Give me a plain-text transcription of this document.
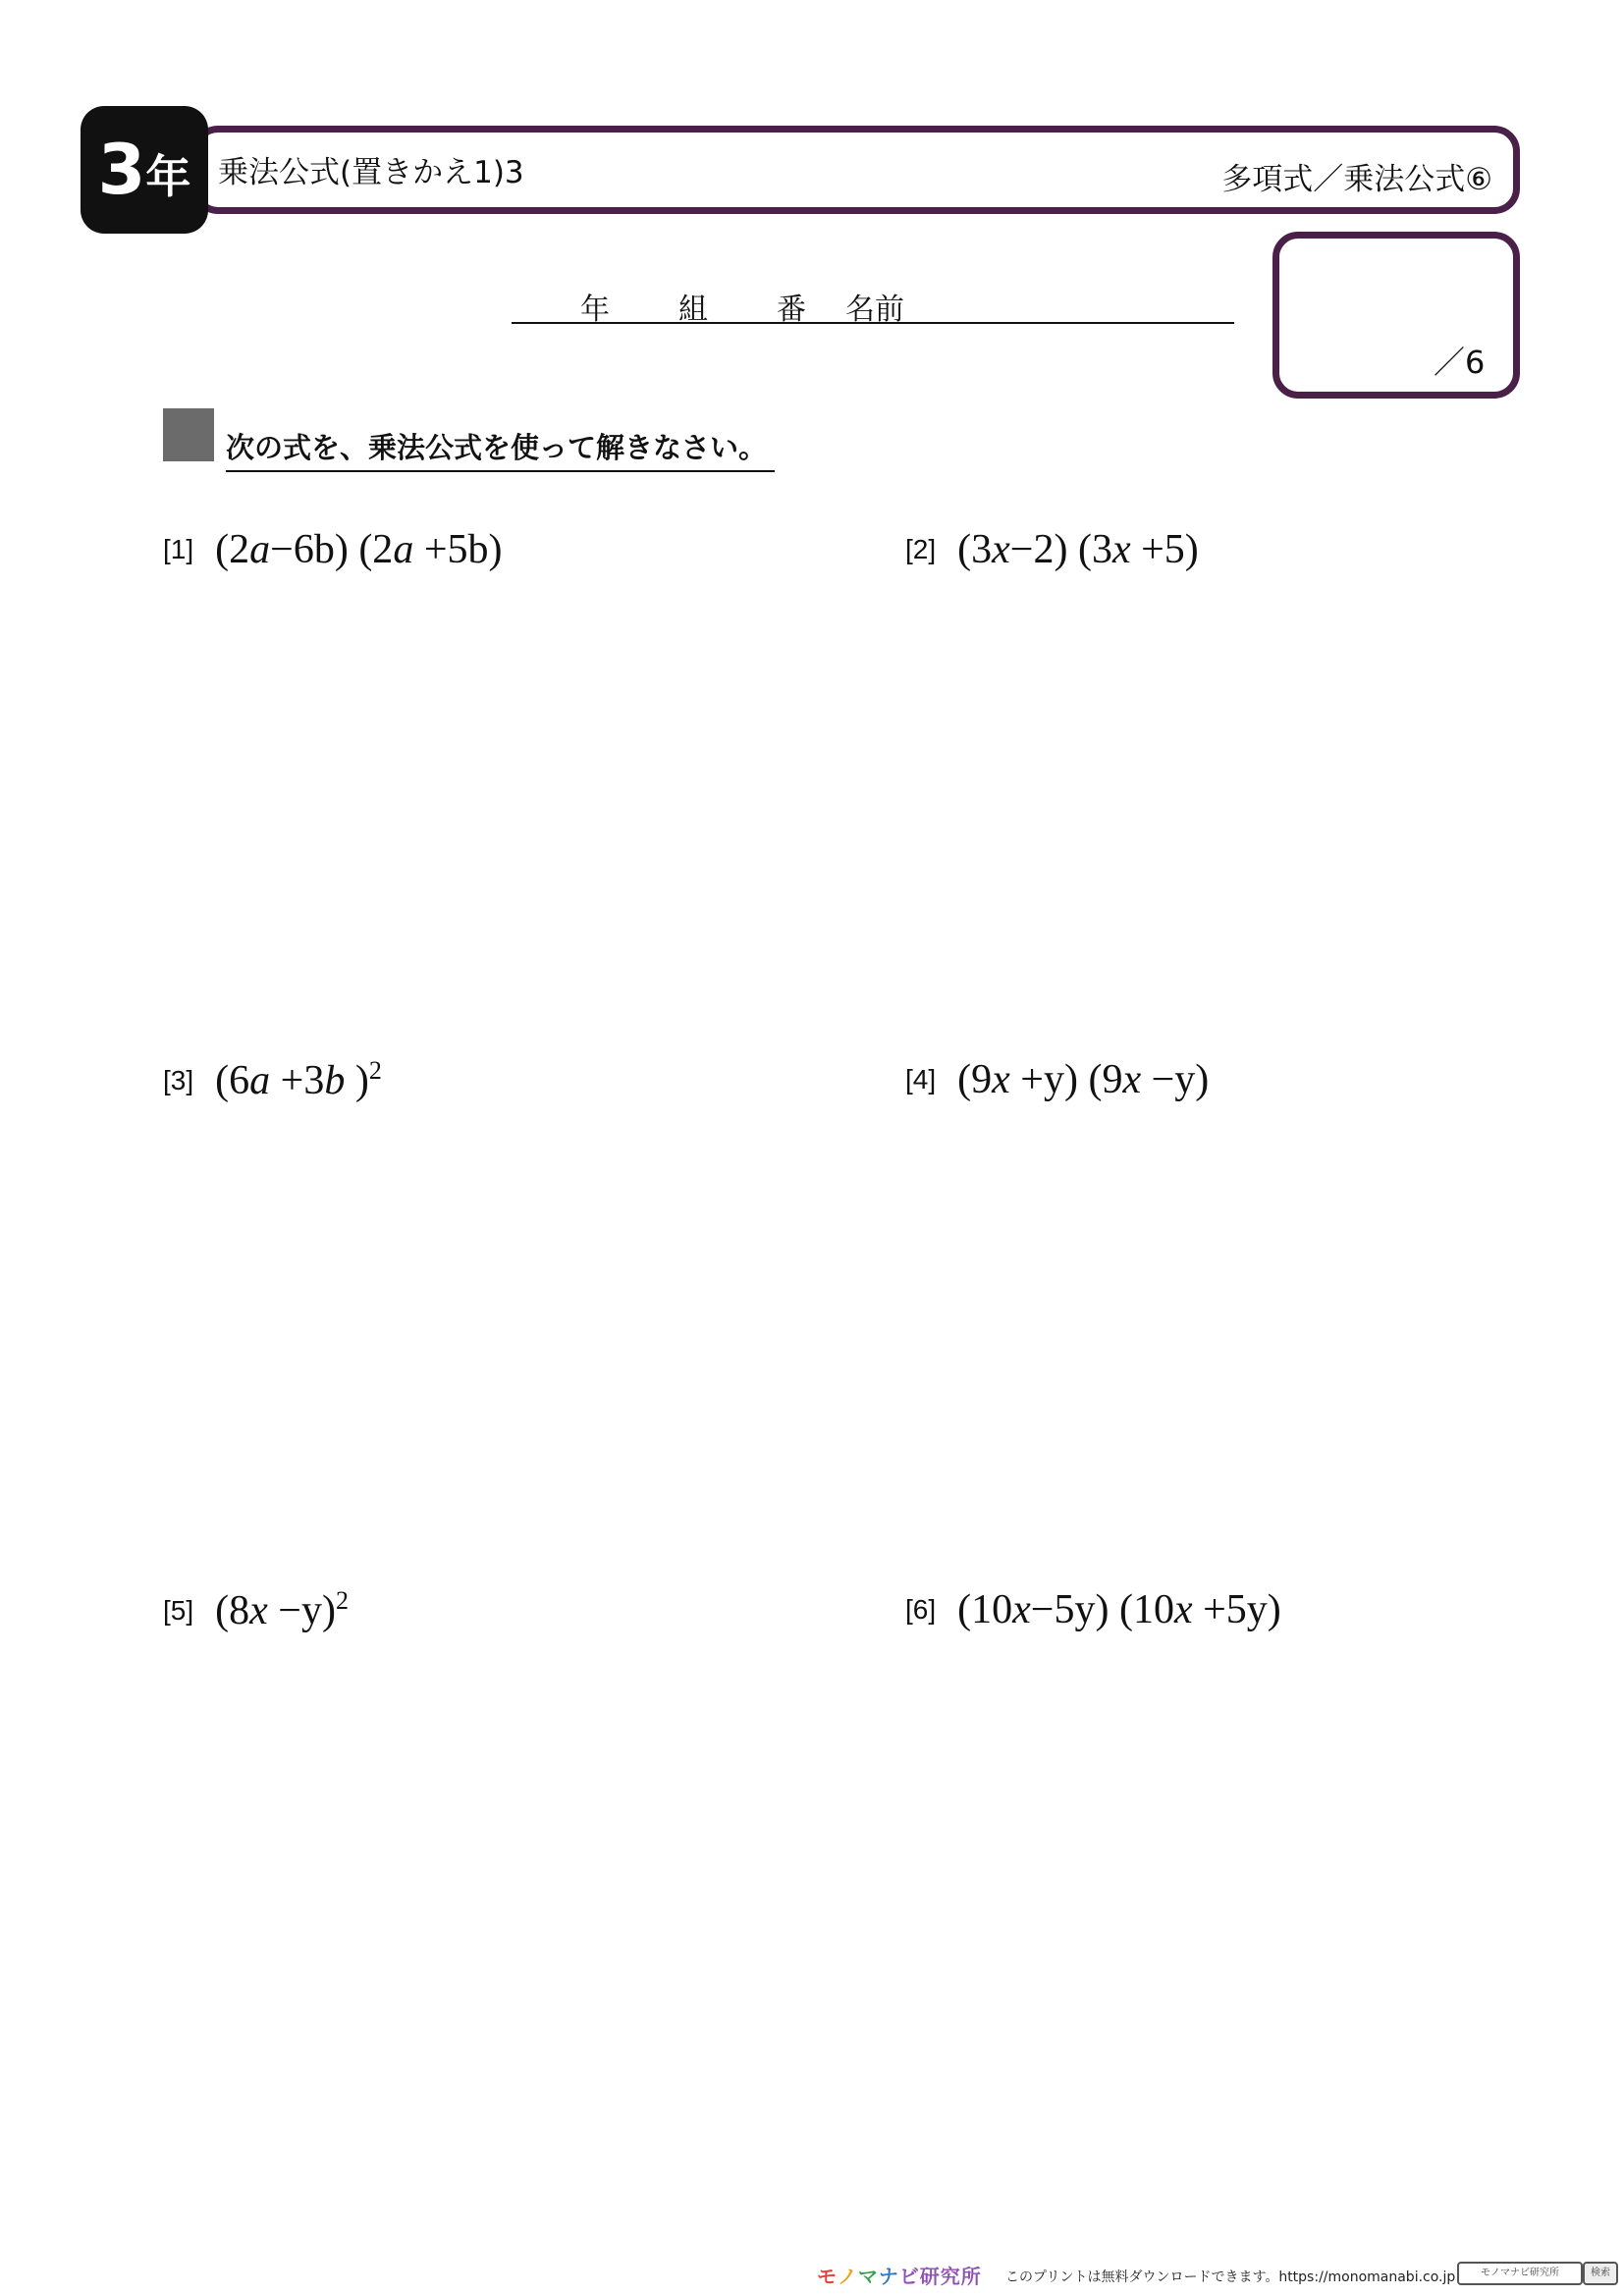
3 年 乗法公式(置きかえ1)3	多項式／乗法公式⑥
年 組 番 名前
／6
次の式を、乗法公式を使って解きなさい。
[1] (2a−6b) (2a +5b)	[2] (3x−2) (3x +5)
[3] (6a +3b )$^2$	[4] (9x +y) (9x −y)
[5] $(8x -y)^2$	[6] (10x−5y) (10x +5y)
モノマナビ研究所 このプリントは無料ダウンロードできます。https://monomanabi.co.jp	モノマナビ研究所	検索
